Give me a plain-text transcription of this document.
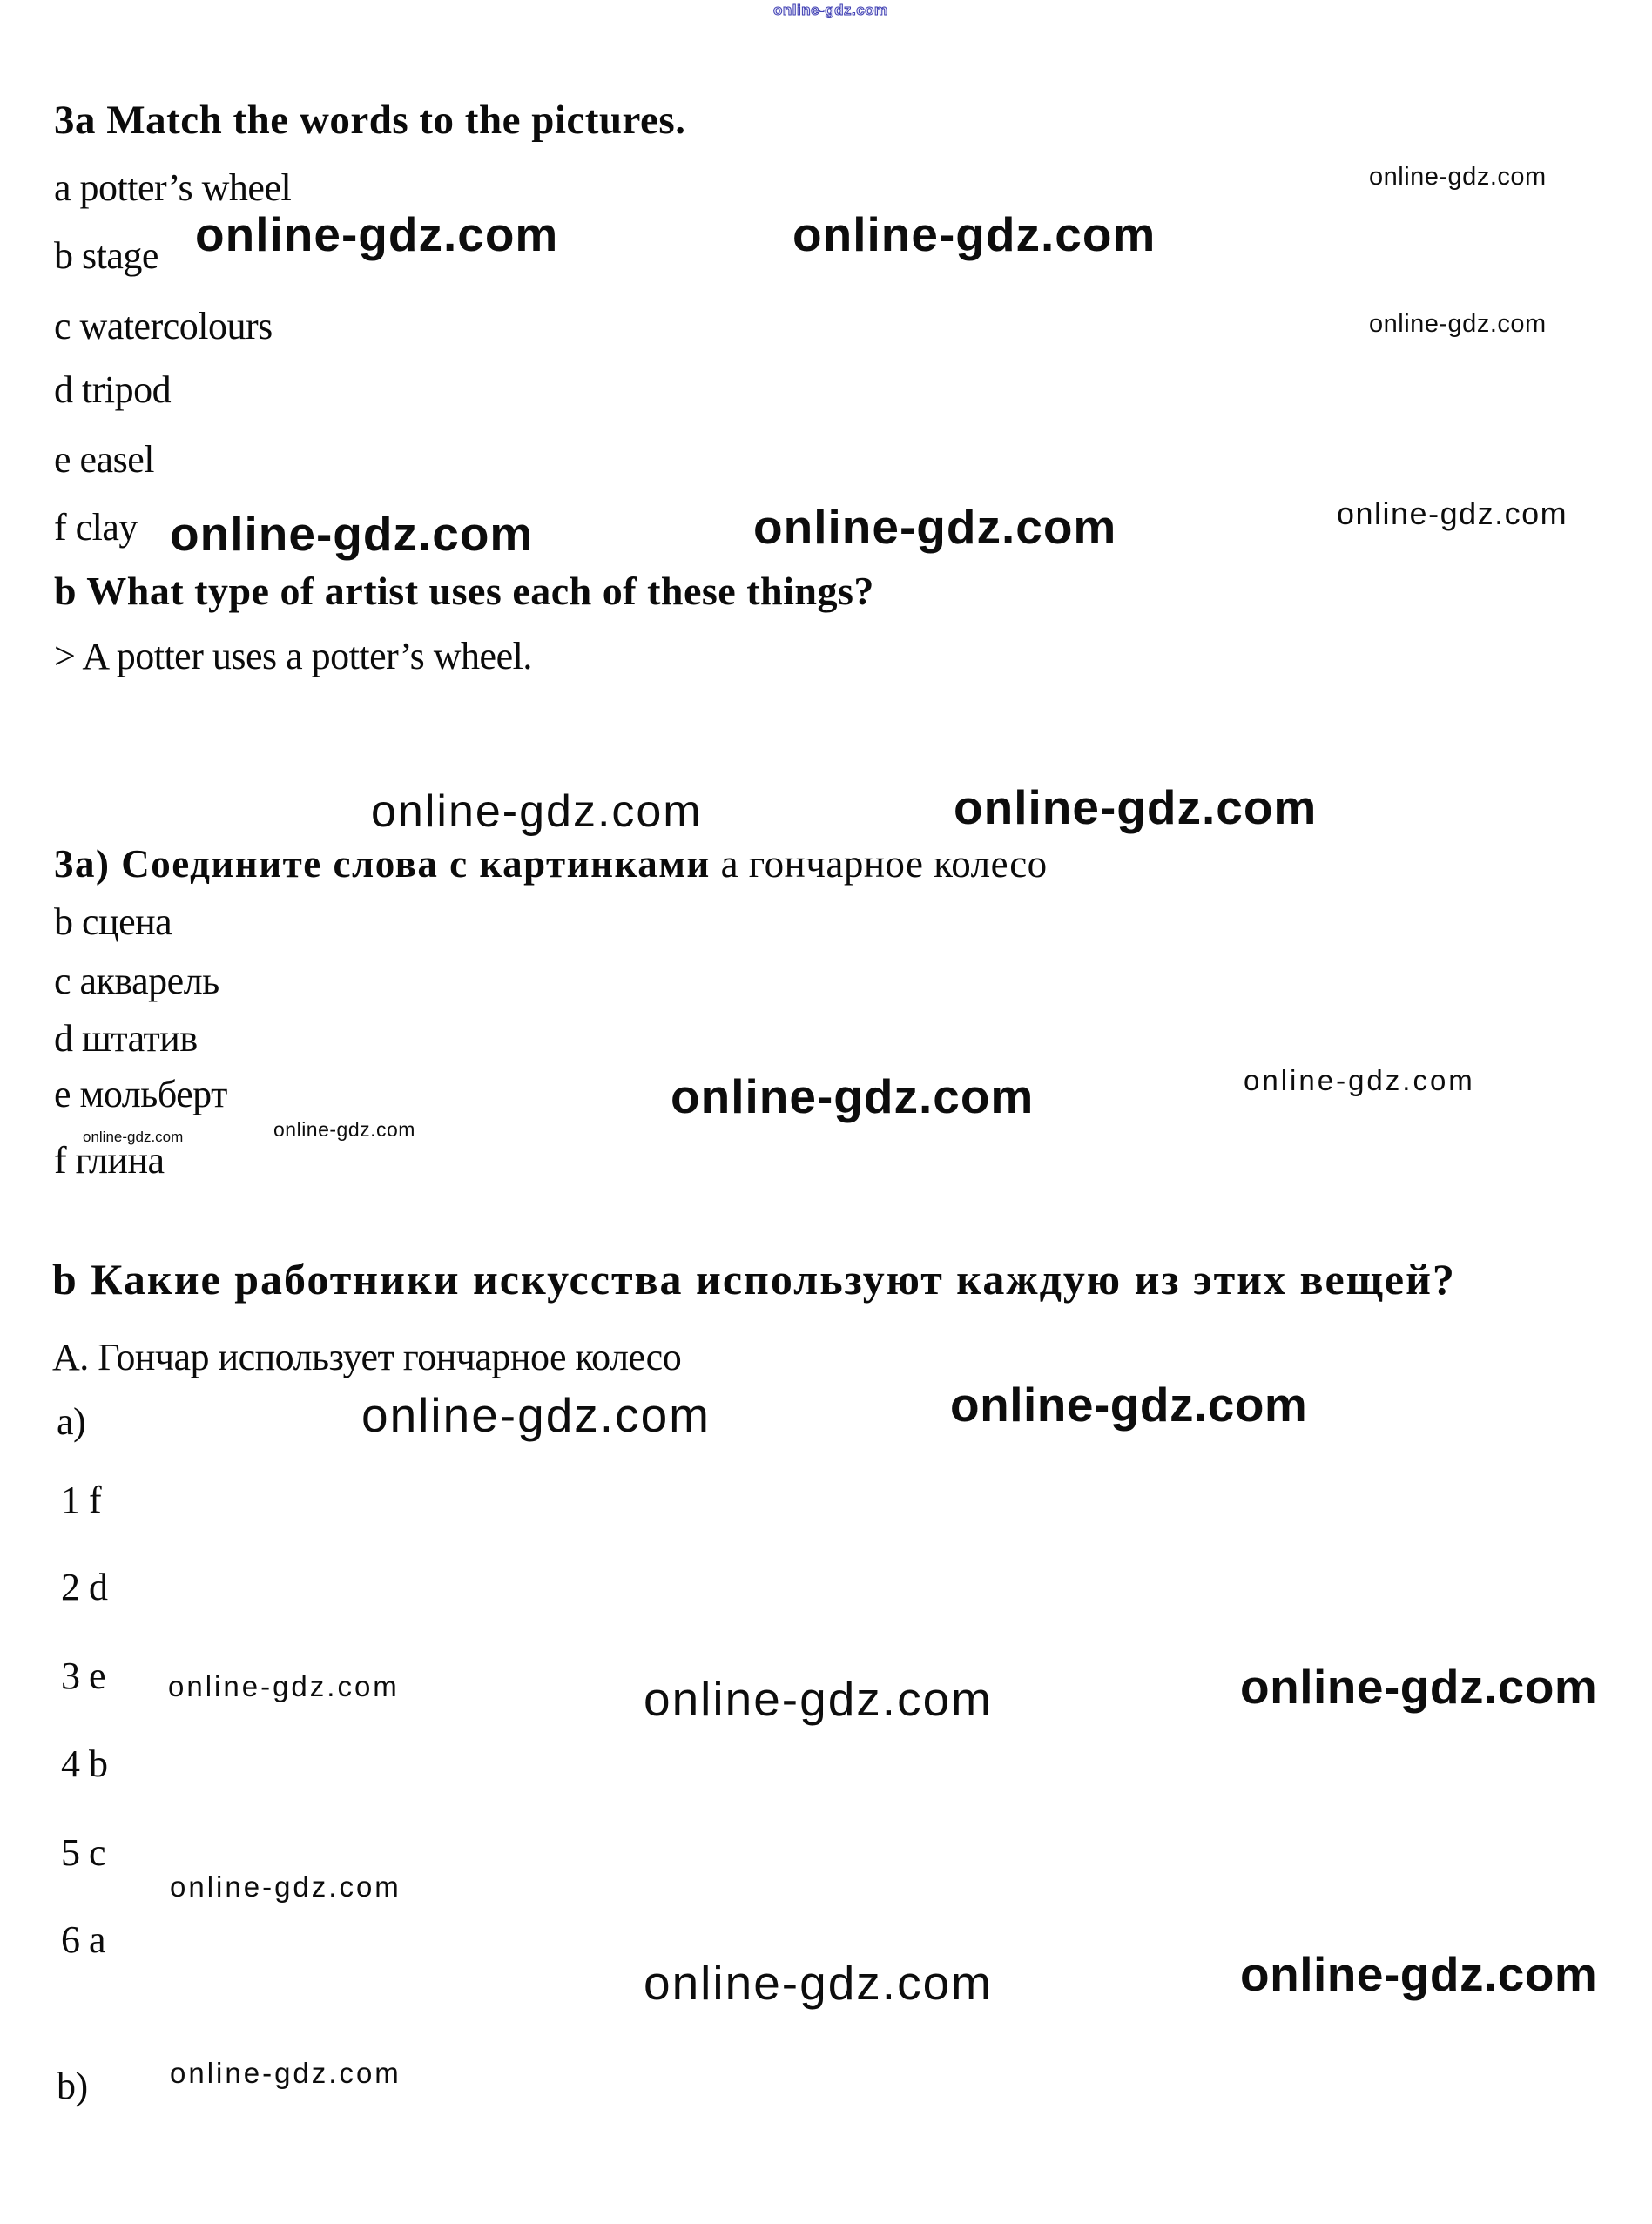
online-gdz.com
online-gdz.com
online-gdz.com	online-gdz.com
online-gdz.com
online-gdz.com	online-gdz.com	online-gdz.com
online-gdz.com	online-gdz.com
online-gdz.com	online-gdz.com
online-gdz.com	online-gdz.com
online-gdz.com	online-gdz.com
online-gdz.com	online-gdz.com	online-gdz.com
online-gdz.com
online-gdz.com	online-gdz.com
online-gdz.com
3a Match the words to the pictures.
a potter’s wheel
b stage
c watercolours
d tripod
e easel
f clay
b What type of artist uses each of these things?
> A potter uses a potter’s wheel.
3а) Соедините слова с картинками а гончарное колесо
b сцена
c акварель
d штатив
e мольберт
f глина
b Какие работники искусства используют каждую из этих вещей?
А. Гончар использует гончарное колесо
a)
1 f
2 d
3 e
4 b
5 c
6 a
b)
